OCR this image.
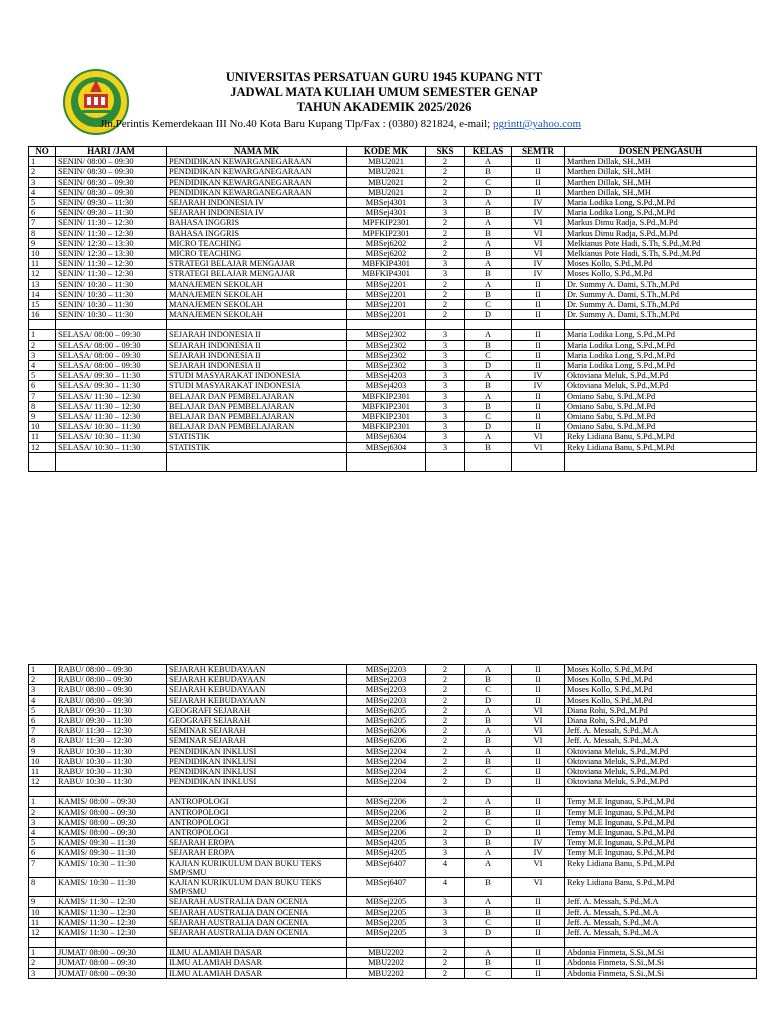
UNIVERSITAS PERSATUAN GURU 1945 KUPANG NTT
JADWAL MATA KULIAH UMUM SEMESTER GENAP
TAHUN AKADEMIK 2025/2026
Jln.Perintis Kemerdekaan III No.40 Kota Baru Kupang Tlp/Fax : (0380) 821824, e-mail; pgrintt@yahoo.com
NO	HARI /JAM	NAMA MK	KODE MK	SKS	KELAS	SEMTR	DOSEN PENGASUH
1	SENIN/ 08:00 – 09:30	PENDIDIKAN KEWARGANEGARAAN	MBU2021	2	A	II	Marthen Dillak, SH.,MH
2	SENIN/ 08:30 – 09:30	PENDIDIKAN KEWARGANEGARAAN	MBU2021	2	B	II	Marthen Dillak, SH.,MH
3	SENIN/ 08:30 – 09:30	PENDIDIKAN KEWARGANEGARAAN	MBU2021	2	C	II	Marthen Dillak, SH.,MH
4	SENIN/ 08:30 – 09:30	PENDIDIKAN KEWARGANEGARAAN	MBU2021	2	D	II	Marthen Dillak, SH.,MH
5	SENIN/ 09:30 – 11:30	SEJARAH INDONESIA IV	MBSej4301	3	A	IV	Maria Lodika Long, S.Pd.,M.Pd
6	SENIN/ 09:30 – 11:30	SEJARAH INDONESIA IV	MBSej4301	3	B	IV	Maria Lodika Long, S.Pd.,M.Pd
7	SENIN/ 11:30 – 12:30	BAHASA INGGRIS	MPFKIP2301	2	A	VI	Markus Dimu Radja, S.Pd.,M.Pd
8	SENIN/ 11:30 – 12:30	BAHASA INGGRIS	MPFKIP2301	2	B	VI	Markus Dimu Radja, S.Pd.,M.Pd
9	SENIN/ 12:30 – 13:30	MICRO TEACHING	MBSej6202	2	A	VI	Melkianus Pote Hadi, S.Th, S.Pd.,M.Pd
10	SENIN/ 12:30 – 13:30	MICRO TEACHING	MBSej6202	2	B	VI	Melkianus Pote Hadi, S.Th, S.Pd.,M.Pd
11	SENIN/ 11:30 – 12:30	STRATEGI BELAJAR MENGAJAR	MBFKIP4301	3	A	IV	Moses Kollo, S.Pd.,M.Pd
12	SENIN/ 11:30 – 12:30	STRATEGI BELAJAR MENGAJAR	MBFKIP4301	3	B	IV	Moses Kollo, S.Pd.,M.Pd
13	SENIN/ 10:30 – 11:30	MANAJEMEN SEKOLAH	MBSej2201	2	A	II	Dr. Summy A. Dami, S.Th.,M.Pd
14	SENIN/ 10:30 – 11:30	MANAJEMEN SEKOLAH	MBSej2201	2	B	II	Dr. Summy A. Dami, S.Th.,M.Pd
15	SENIN/ 10:30 – 11:30	MANAJEMEN SEKOLAH	MBSej2201	2	C	II	Dr. Summy A. Dami, S.Th.,M.Pd
16	SENIN/ 10:30 – 11:30	MANAJEMEN SEKOLAH	MBSej2201	2	D	II	Dr. Summy A. Dami, S.Th.,M.Pd

1	SELASA/ 08:00 – 09:30	SEJARAH INDONESIA II	MBSej2302	3	A	II	Maria Lodika Long, S.Pd.,M.Pd
2	SELASA/ 08:00 – 09:30	SEJARAH INDONESIA II	MBSej2302	3	B	II	Maria Lodika Long, S.Pd.,M.Pd
3	SELASA/ 08:00 – 09:30	SEJARAH INDONESIA II	MBSej2302	3	C	II	Maria Lodika Long, S.Pd.,M.Pd
4	SELASA/ 08:00 – 09:30	SEJARAH INDONESIA II	MBSej2302	3	D	II	Maria Lodika Long, S.Pd.,M.Pd
5	SELASA/ 09:30 – 11:30	STUDI MASYARAKAT INDONESIA	MBSej4203	3	A	IV	Oktoviana Meluk, S.Pd.,M.Pd
6	SELASA/ 09:30 – 11:30	STUDI MASYARAKAT INDONESIA	MBSej4203	3	B	IV	Oktoviana Meluk, S.Pd.,M.Pd
7	SELASA/ 11:30 – 12:30	BELAJAR DAN PEMBELAJARAN	MBFKIP2301	3	A	II	Omiano Sabu, S.Pd.,M.Pd
8	SELASA/ 11:30 – 12:30	BELAJAR DAN PEMBELAJARAN	MBFKIP2301	3	B	II	Omiano Sabu, S.Pd.,M.Pd
9	SELASA/ 11:30 – 12:30	BELAJAR DAN PEMBELAJARAN	MBFKIP2301	3	C	II	Omiano Sabu, S.Pd.,M.Pd
10	SELASA/ 10:30 – 11:30	BELAJAR DAN PEMBELAJARAN	MBFKIP2301	3	D	II	Omiano Sabu, S.Pd.,M.Pd
11	SELASA/ 10:30 – 11:30	STATISTIK	MBSej6304	3	A	VI	Reky Lidiana Banu, S.Pd.,M.Pd
12	SELASA/ 10:30 – 11:30	STATISTIK	MBSej6304	3	B	VI	Reky Lidiana Banu, S.Pd.,M.Pd

1	RABU/ 08:00 – 09:30	SEJARAH KEBUDAYAAN	MBSej2203	2	A	II	Moses Kollo, S.Pd.,M.Pd
2	RABU/ 08:00 – 09:30	SEJARAH KEBUDAYAAN	MBSej2203	2	B	II	Moses Kollo, S.Pd.,M.Pd
3	RABU/ 08:00 – 09:30	SEJARAH KEBUDAYAAN	MBSej2203	2	C	II	Moses Kollo, S.Pd.,M.Pd
4	RABU/ 08:00 – 09:30	SEJARAH KEBUDAYAAN	MBSej2203	2	D	II	Moses Kollo, S.Pd.,M.Pd
5	RABU/ 09:30 – 11:30	GEOGRAFI SEJARAH	MBSej6205	2	A	VI	Diana Rohi, S.Pd.,M.Pd
6	RABU/ 09:30 – 11:30	GEOGRAFI SEJARAH	MBSej6205	2	B	VI	Diana Rohi, S.Pd.,M.Pd
7	RABU/ 11:30 – 12:30	SEMINAR SEJARAH	MBSej6206	2	A	VI	Jeff. A. Messah, S.Pd.,M.A
8	RABU/ 11:30 – 12:30	SEMINAR SEJARAH	MBSej6206	2	B	VI	Jeff. A. Messah, S.Pd.,M.A
9	RABU/ 10:30 – 11:30	PENDIDIKAN INKLUSI	MBSej2204	2	A	II	Oktoviana Meluk, S.Pd.,M.Pd
10	RABU/ 10:30 – 11:30	PENDIDIKAN INKLUSI	MBSej2204	2	B	II	Oktoviana Meluk, S.Pd.,M.Pd
11	RABU/ 10:30 – 11:30	PENDIDIKAN INKLUSI	MBSej2204	2	C	II	Oktoviana Meluk, S.Pd.,M.Pd
12	RABU/ 10:30 – 11:30	PENDIDIKAN INKLUSI	MBSej2204	2	D	II	Oktoviana Meluk, S.Pd.,M.Pd

1	KAMIS/ 08:00 – 09:30	ANTROPOLOGI	MBSej2206	2	A	II	Temy M.E Ingunau, S.Pd.,M.Pd
2	KAMIS/ 08:00 – 09:30	ANTROPOLOGI	MBSej2206	2	B	II	Temy M.E Ingunau, S.Pd.,M.Pd
3	KAMIS/ 08:00 – 09:30	ANTROPOLOGI	MBSej2206	2	C	II	Temy M.E Ingunau, S.Pd.,M.Pd
4	KAMIS/ 08:00 – 09:30	ANTROPOLOGI	MBSej2206	2	D	II	Temy M.E Ingunau, S.Pd.,M.Pd
5	KAMIS/ 09:30 – 11:30	SEJARAH EROPA	MBSej4205	3	B	IV	Temy M.E Ingunau, S.Pd.,M.Pd
6	KAMIS/ 09:30 – 11:30	SEJARAH EROPA	MBSej4205	3	A	IV	Temy M.E Ingunau, S.Pd.,M.Pd
7	KAMIS/ 10:30 – 11:30	KAJIAN KURIKULUM DAN BUKU TEKS SMP/SMU	MBSej6407	4	A	VI	Reky Lidiana Banu, S.Pd.,M.Pd
8	KAMIS/ 10:30 – 11:30	KAJIAN KURIKULUM DAN BUKU TEKS SMP/SMU	MBSej6407	4	B	VI	Reky Lidiana Banu, S.Pd.,M.Pd
9	KAMIS/ 11:30 – 12:30	SEJARAH AUSTRALIA DAN OCENIA	MBSej2205	3	A	II	Jeff. A. Messah, S.Pd.,M.A
10	KAMIS/ 11:30 – 12:30	SEJARAH AUSTRALIA DAN OCENIA	MBSej2205	3	B	II	Jeff. A. Messah, S.Pd.,M.A
11	KAMIS/ 11:30 – 12:30	SEJARAH AUSTRALIA DAN OCENIA	MBSej2205	3	C	II	Jeff. A. Messah, S.Pd.,M.A
12	KAMIS/ 11:30 – 12:30	SEJARAH AUSTRALIA DAN OCENIA	MBSej2205	3	D	II	Jeff. A. Messah, S.Pd.,M.A

1	JUMAT/ 08:00 – 09:30	ILMU ALAMIAH DASAR	MBU2202	2	A	II	Abdonia Finmeta, S.Si.,M.Si
2	JUMAT/ 08:00 – 09:30	ILMU ALAMIAH DASAR	MBU2202	2	B	II	Abdonia Finmeta, S.Si.,M.Si
3	JUMAT/ 08:00 – 09:30	ILMU ALAMIAH DASAR	MBU2202	2	C	II	Abdonia Finmeta, S.Si.,M.Si
